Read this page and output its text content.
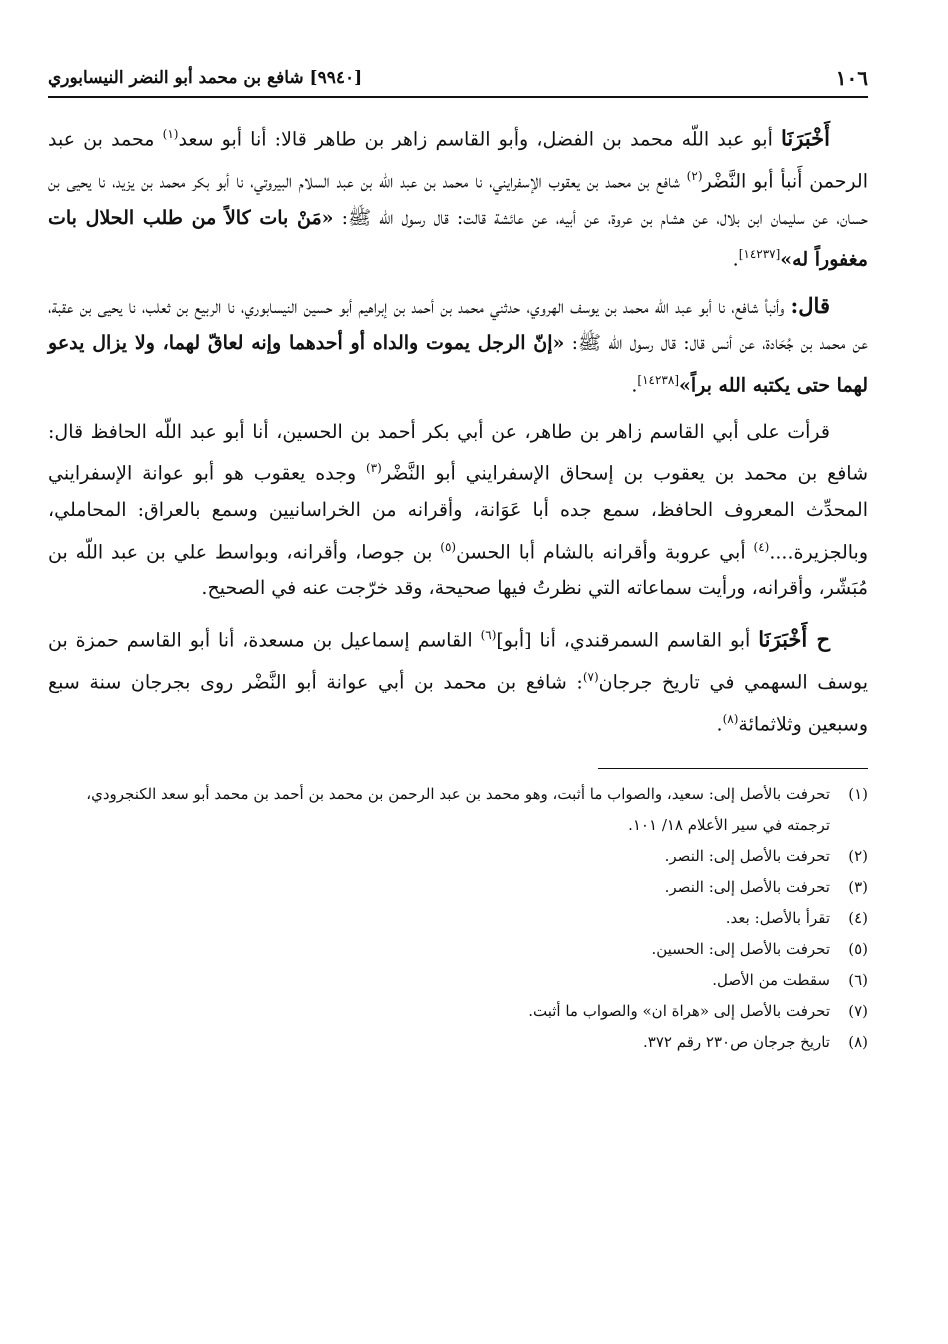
١٠٦
[٩٩٤٠] شافع بن محمد أبو النضر النيسابوري

أَخْبَرَنَا أبو عبد اللّه محمد بن الفضل، وأبو القاسم زاهر بن طاهر قالا: أنا أبو سعد$^{(١)}$ محمد بن عبد الرحمن أَنبأ أبو النَّضْر$^{(٢)}$ شافع بن محمد بن يعقوب الإسفرايني، نا محمد بن عبد اللّه بن عبد السلام البيروتي، نا أبو بكر محمد بن يزيد، نا يحيى بن حسان، عن سليمان ابن بلال، عن هشام بن عروة، عن أبيه، عن عائشة قالت: قال رسول الله ﷺ: «مَنْ بات كالاً من طلب الحلال بات مغفوراً له»[١٤٢٣٧].

قال: وأنبأ شافع، نا أبو عبد اللّه محمد بن يوسف الهروي، حدثني محمد بن أحمد بن إبراهيم أبو حسين النيسابوري، نا الربيع بن ثعلب، نا يحيى بن عقبة، عن محمد بن جُحَادة، عن أنس قال: قال رسول الله ﷺ: «إنّ الرجل يموت والداه أو أحدهما وإنه لعاقّ لهما، ولا يزال يدعو لهما حتى يكتبه الله براً»[١٤٢٣٨].

قرأت على أبي القاسم زاهر بن طاهر، عن أبي بكر أحمد بن الحسين، أنا أبو عبد اللّه الحافظ قال: شافع بن محمد بن يعقوب بن إسحاق الإسفرايني أبو النَّضْر$^{(٣)}$ وجده يعقوب هو أبو عوانة الإسفرايني المحدِّث المعروف الحافظ، سمع جده أبا عَوَانة، وأقرانه من الخراسانيين وسمع بالعراق: المحاملي، وبالجزيرة....$^{(٤)}$ أبي عروبة وأقرانه بالشام أبا الحسن$^{(٥)}$ بن جوصا، وأقرانه، وبواسط علي بن عبد اللّه بن مُبَشّر، وأقرانه، ورأيت سماعاته التي نظرتُ فيها صحيحة، وقد خرّجت عنه في الصحيح.

ح أَخْبَرَنَا أبو القاسم السمرقندي، أنا [أبو]$^{(٦)}$ القاسم إسماعيل بن مسعدة، أنا أبو القاسم حمزة بن يوسف السهمي في تاريخ جرجان$^{(٧)}$: شافع بن محمد بن أبي عوانة أبو النَّضْر روى بجرجان سنة سبع وسبعين وثلاثمائة$^{(٨)}$.

(١)
تحرفت بالأصل إلى: سعيد، والصواب ما أثبت، وهو محمد بن عبد الرحمن بن محمد بن أحمد بن محمد أبو سعد الكنجرودي، ترجمته في سير الأعلام ١٨/ ١٠١.
(٢)
تحرفت بالأصل إلى: النصر.
(٣)
تحرفت بالأصل إلى: النصر.
(٤)
تقرأ بالأصل: بعد.
(٥)
تحرفت بالأصل إلى: الحسين.
(٦)
سقطت من الأصل.
(٧)
تحرفت بالأصل إلى «هراة ان» والصواب ما أثبت.
(٨)
تاريخ جرجان ص٢٣٠ رقم ٣٧٢.
